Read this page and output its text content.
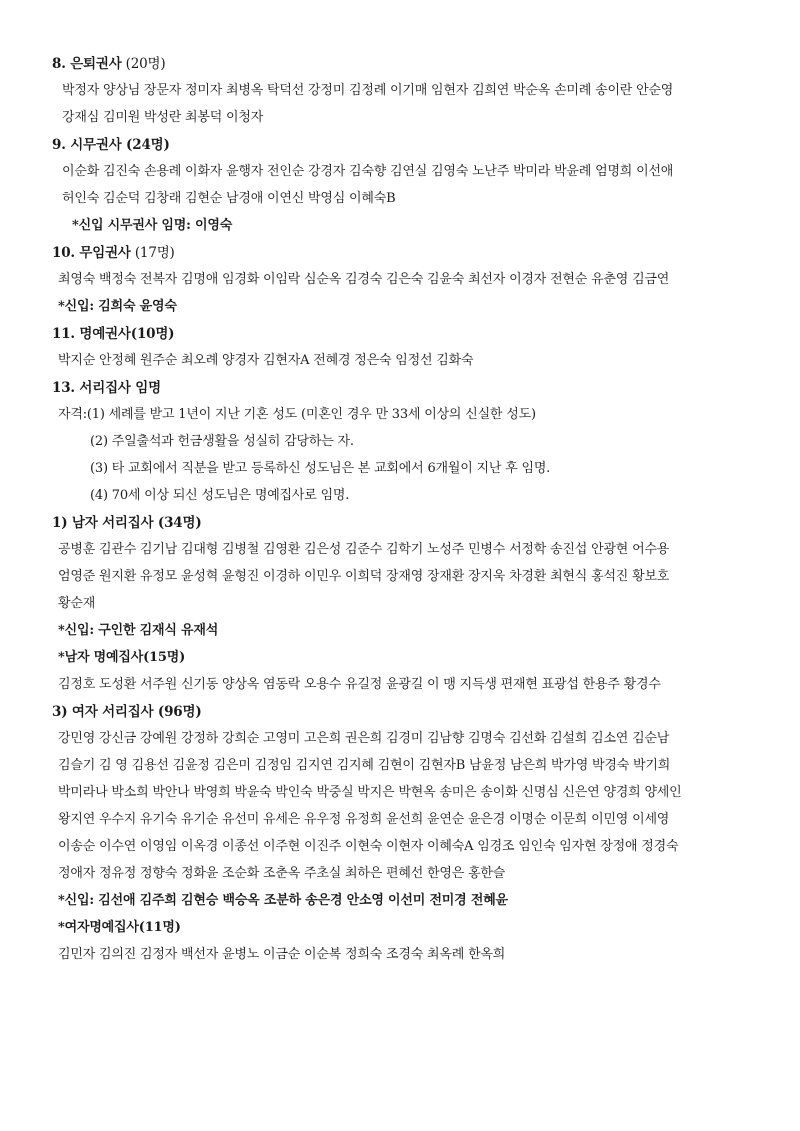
8. 은퇴권사 (20명)
박정자 양상님 장문자 정미자 최병옥 탁덕선 강정미 김정례 이기매 임현자 김희연 박순옥 손미례 송이란 안순영
강재심 김미원 박성란 최봉덕 이청자
9. 시무권사 (24명)
이순화 김진숙 손용례 이화자 윤행자 전인순 강경자 김숙향 김연실 김영숙 노난주 박미라 박윤례 엄명희 이선애
허인숙 김순덕 김창래 김현순 남경애 이연신 박영심 이혜숙B
*신입 시무권사 임명: 이영숙
10. 무임권사 (17명)
최영숙 백정숙 전복자 김명애 임경화 이임락 심순옥 김경숙 김은숙 김윤숙 최선자 이경자 전현순 유춘영 김금연
*신입: 김희숙 윤영숙
11. 명예권사(10명)
박지순 안정혜 원주순 최오례 양경자 김현자A 전혜경 정은숙 임정선 김화숙
13. 서리집사 임명
자격:(1) 세례를 받고 1년이 지난 기혼 성도 (미혼인 경우 만 33세 이상의 신실한 성도)
(2) 주일출석과 헌금생활을 성실히 감당하는 자.
(3) 타 교회에서 직분을 받고 등록하신 성도님은 본 교회에서 6개월이 지난 후 임명.
(4) 70세 이상 되신 성도님은 명예집사로 임명.
1) 남자 서리집사 (34명)
공병훈 김관수 김기남 김대형 김병철 김영환 김은성 김준수 김학기 노성주 민병수 서정학 송진섭 안광현 어수용
엄영준 원지환 유정모 윤성혁 윤형진 이경하 이민우 이희덕 장재영 장재환 장지욱 차경환 최현식 홍석진 황보호
황순재
*신입: 구인한 김재식 유재석
*남자 명예집사(15명)
김정호 도성환 서주원 신기동 양상옥 염동락 오용수 유길정 윤광길 이 맹 지득생 편재현 표광섭 한용주 황경수
3) 여자 서리집사 (96명)
강민영 강신금 강예원 강정하 강희순 고영미 고은희 권은희 김경미 김남향 김명숙 김선화 김설희 김소연 김순남
김슬기 김 영 김용선 김윤정 김은미 김정임 김지연 김지혜 김현이 김현자B 남윤정 남은희 박가영 박경숙 박기희
박미라나 박소희 박안나 박영희 박윤숙 박인숙 박중실 박지은 박현옥 송미은 송이화 신명심 신은연 양경희 양세인
왕지연 우수지 유기숙 유기순 유선미 유세은 유우정 유정희 윤선희 윤연순 윤은경 이명순 이문희 이민영 이세영
이송순 이수연 이영임 이옥경 이종선 이주현 이진주 이현숙 이현자 이혜숙A 임경조 임인숙 임자현 장정애 정경숙
정애자 정유정 정향숙 정화윤 조순화 조춘옥 주초실 최하은 편혜선 한영은 홍한슬
*신입: 김선애 김주희 김현승 백승옥 조분하 송은경 안소영 이선미 전미경 전혜윤
*여자명예집사(11명)
김민자 김의진 김정자 백선자 윤병노 이금순 이순복 정희숙 조경숙 최옥례 한옥희
